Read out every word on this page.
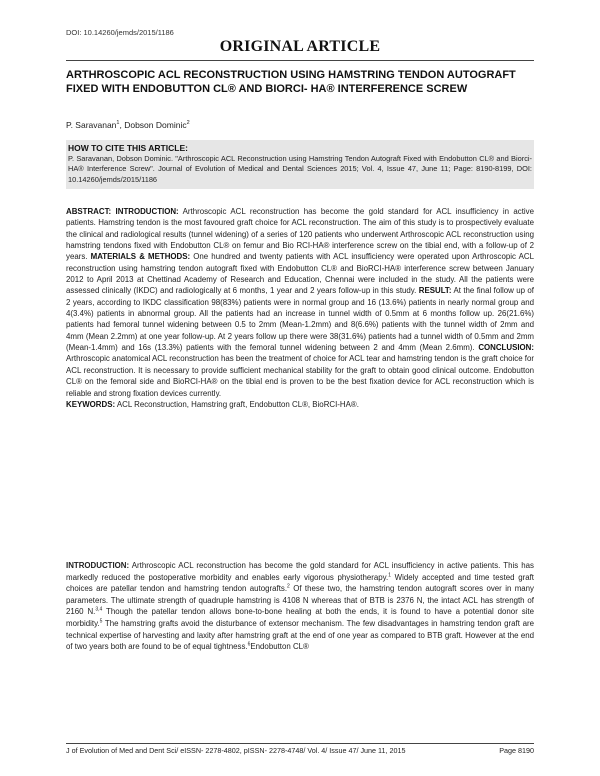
DOI: 10.14260/jemds/2015/1186
ORIGINAL ARTICLE
ARTHROSCOPIC ACL RECONSTRUCTION USING HAMSTRING TENDON AUTOGRAFT FIXED WITH ENDOBUTTON CL® AND BIORCI- HA® INTERFERENCE SCREW
P. Saravanan$^1$, Dobson Dominic$^2$
HOW TO CITE THIS ARTICLE:
P. Saravanan, Dobson Dominic. "Arthroscopic ACL Reconstruction using Hamstring Tendon Autograft Fixed with Endobutton CL® and Biorci- HA® Interference Screw". Journal of Evolution of Medical and Dental Sciences 2015; Vol. 4, Issue 47, June 11; Page: 8190-8199, DOI: 10.14260/jemds/2015/1186
ABSTRACT: INTRODUCTION: Arthroscopic ACL reconstruction has become the gold standard for ACL insufficiency in active patients. Hamstring tendon is the most favoured graft choice for ACL reconstruction. The aim of this study is to prospectively evaluate the clinical and radiological results (tunnel widening) of a series of 120 patients who underwent Arthroscopic ACL reconstruction using hamstring tendons fixed with Endobutton CL® on femur and Bio RCI-HA® interference screw on the tibial end, with a follow-up of 2 years. MATERIALS & METHODS: One hundred and twenty patients with ACL insufficiency were operated upon Arthroscopic ACL reconstruction using hamstring tendon autograft fixed with Endobutton CL® and BioRCI-HA® interference screw between January 2012 to April 2013 at Chettinad Academy of Research and Education, Chennai were included in the study. All the patients were assessed clinically (IKDC) and radiologically at 6 months, 1 year and 2 years follow-up in this study. RESULT: At the final follow up of 2 years, according to IKDC classification 98(83%) patients were in normal group and 16 (13.6%) patients in nearly normal group and 4(3.4%) patients in abnormal group. All the patients had an increase in tunnel width of 0.5mm at 6 months follow up. 26(21.6%) patients had femoral tunnel widening between 0.5 to 2mm (Mean-1.2mm) and 8(6.6%) patients with the tunnel width of 2mm and 4mm (Mean 2.2mm) at one year follow-up. At 2 years follow up there were 38(31.6%) patients had a tunnel width of 0.5mm and 2mm (Mean-1.4mm) and 16s (13.3%) patients with the femoral tunnel widening between 2 and 4mm (Mean 2.6mm). CONCLUSION: Arthroscopic anatomical ACL reconstruction has been the treatment of choice for ACL tear and hamstring tendon is the graft choice for ACL reconstruction. It is necessary to provide sufficient mechanical stability for the graft to obtain good clinical outcome. Endobutton CL® on the femoral side and BioRCI-HA® on the tibial end is proven to be the best fixation device for ACL reconstruction which is reliable and strong fixation devices currently.
KEYWORDS: ACL Reconstruction, Hamstring graft, Endobutton CL®, BioRCI-HA®.
INTRODUCTION: Arthroscopic ACL reconstruction has become the gold standard for ACL insufficiency in active patients. This has markedly reduced the postoperative morbidity and enables early vigorous physiotherapy.$^1$ Widely accepted and time tested graft choices are patellar tendon and hamstring tendon autografts.$^2$ Of these two, the hamstring tendon autograft scores over in many parameters. The ultimate strength of quadruple hamstring is 4108 N whereas that of BTB is 2376 N, the intact ACL has strength of 2160 N.$^{3,4}$ Though the patellar tendon allows bone-to-bone healing at both the ends, it is found to have a potential donor site morbidity.$^5$ The hamstring grafts avoid the disturbance of extensor mechanism. The few disadvantages in hamstring tendon graft are technical expertise of harvesting and laxity after hamstring graft at the end of one year as compared to BTB graft. However at the end of two years both are found to be of equal tightness.$^6$Endobutton CL®
J of Evolution of Med and Dent Sci/ eISSN- 2278-4802, pISSN- 2278-4748/ Vol. 4/ Issue 47/ June 11, 2015	Page 8190
